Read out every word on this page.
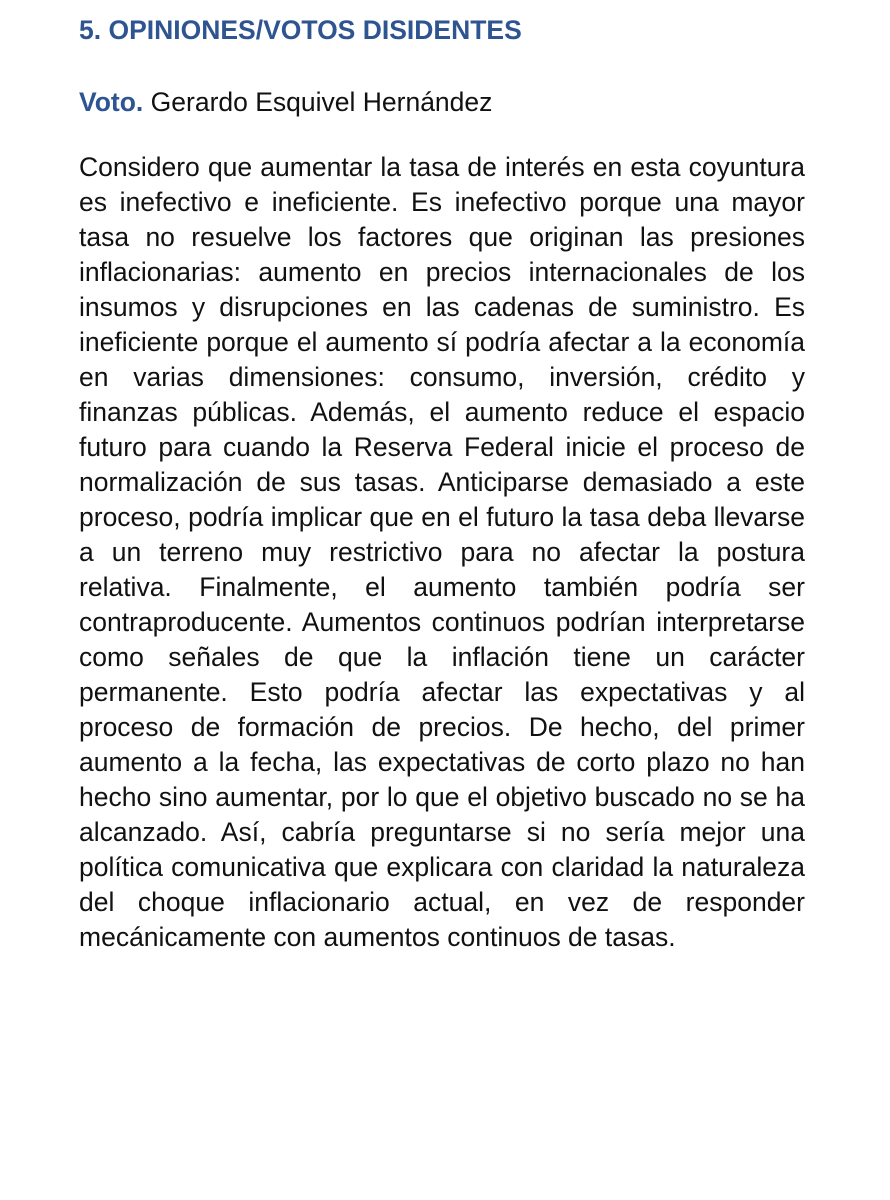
5. OPINIONES/VOTOS DISIDENTES

Voto. Gerardo Esquivel Hernández

Considero que aumentar la tasa de interés en esta coyuntura es inefectivo e ineficiente. Es inefectivo porque una mayor tasa no resuelve los factores que originan las presiones inflacionarias: aumento en precios internacionales de los insumos y disrupciones en las cadenas de suministro. Es ineficiente porque el aumento sí podría afectar a la economía en varias dimensiones: consumo, inversión, crédito y finanzas públicas. Además, el aumento reduce el espacio futuro para cuando la Reserva Federal inicie el proceso de normalización de sus tasas. Anticiparse demasiado a este proceso, podría implicar que en el futuro la tasa deba llevarse a un terreno muy restrictivo para no afectar la postura relativa. Finalmente, el aumento también podría ser contraproducente. Aumentos continuos podrían interpretarse como señales de que la inflación tiene un carácter permanente. Esto podría afectar las expectativas y al proceso de formación de precios. De hecho, del primer aumento a la fecha, las expectativas de corto plazo no han hecho sino aumentar, por lo que el objetivo buscado no se ha alcanzado. Así, cabría preguntarse si no sería mejor una política comunicativa que explicara con claridad la naturaleza del choque inflacionario actual, en vez de responder mecánicamente con aumentos continuos de tasas.
